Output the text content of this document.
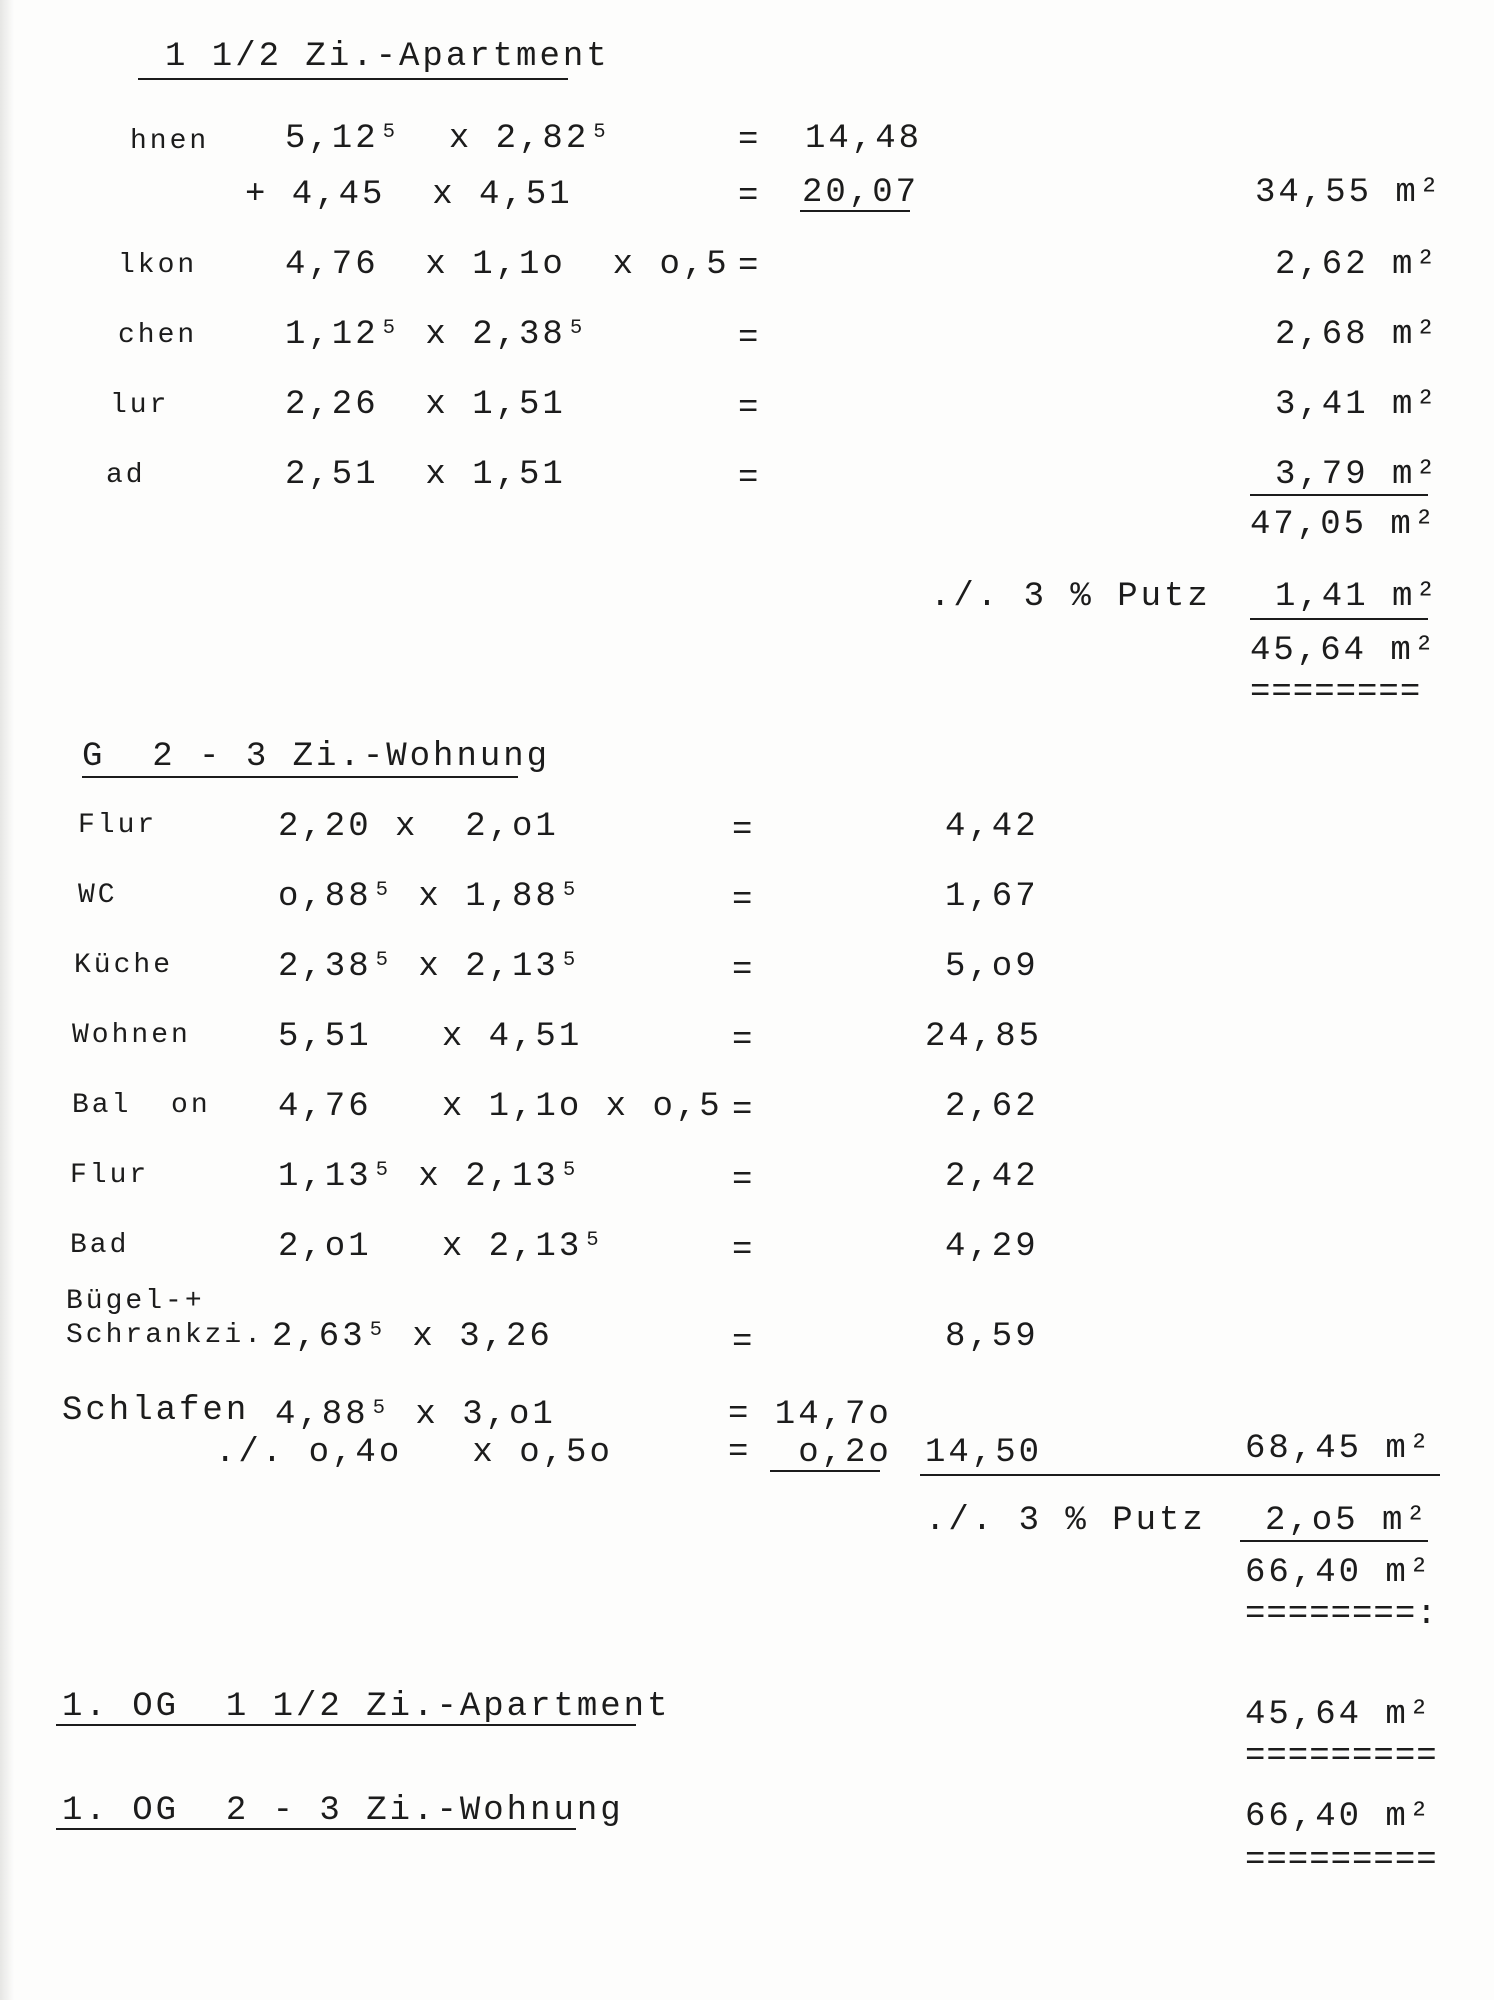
1 1/2 Zi.-Apartment
hnen 5,12⁵  x 2,82⁵	= 14,48
+ 4,45  x 4,51	= 20,07	34,55 m²
lkon	4,76  x 1,1o  x o,5 =	2,62 m²
chen	1,12⁵ x 2,38⁵	=	2,68 m²
lur	2,26  x 1,51	=	3,41 m²
ad	2,51  x 1,51	=	3,79 m²
47,05 m²
./. 3 % Putz 1,41 m²
45,64 m²
========
G  2 - 3 Zi.-Wohnung
Flur	2,20 x  2,o1	=	4,42
WC	o,88⁵ x 1,88⁵	=	1,67
Küche	2,38⁵ x 2,13⁵	=	5,o9
Wohnen	5,51   x 4,51	=	24,85
Bal  on 4,76   x 1,1o x o,5 =	2,62
Flur	1,13⁵ x 2,13⁵	=	2,42
Bad	2,o1   x 2,13⁵	=	4,29
Bügel-+
Schrankzi. 2,63⁵ x 3,26	=	8,59
Schlafen 4,88⁵ x 3,o1	= 14,7o
./. o,4o   x o,5o	=  o,2o 14,50	68,45 m²
./. 3 % Putz 2,o5 m²
66,40 m²
========:
1. OG  1 1/2 Zi.-Apartment	45,64 m²
=========
1. OG  2 - 3 Zi.-Wohnung	66,40 m²
=========
